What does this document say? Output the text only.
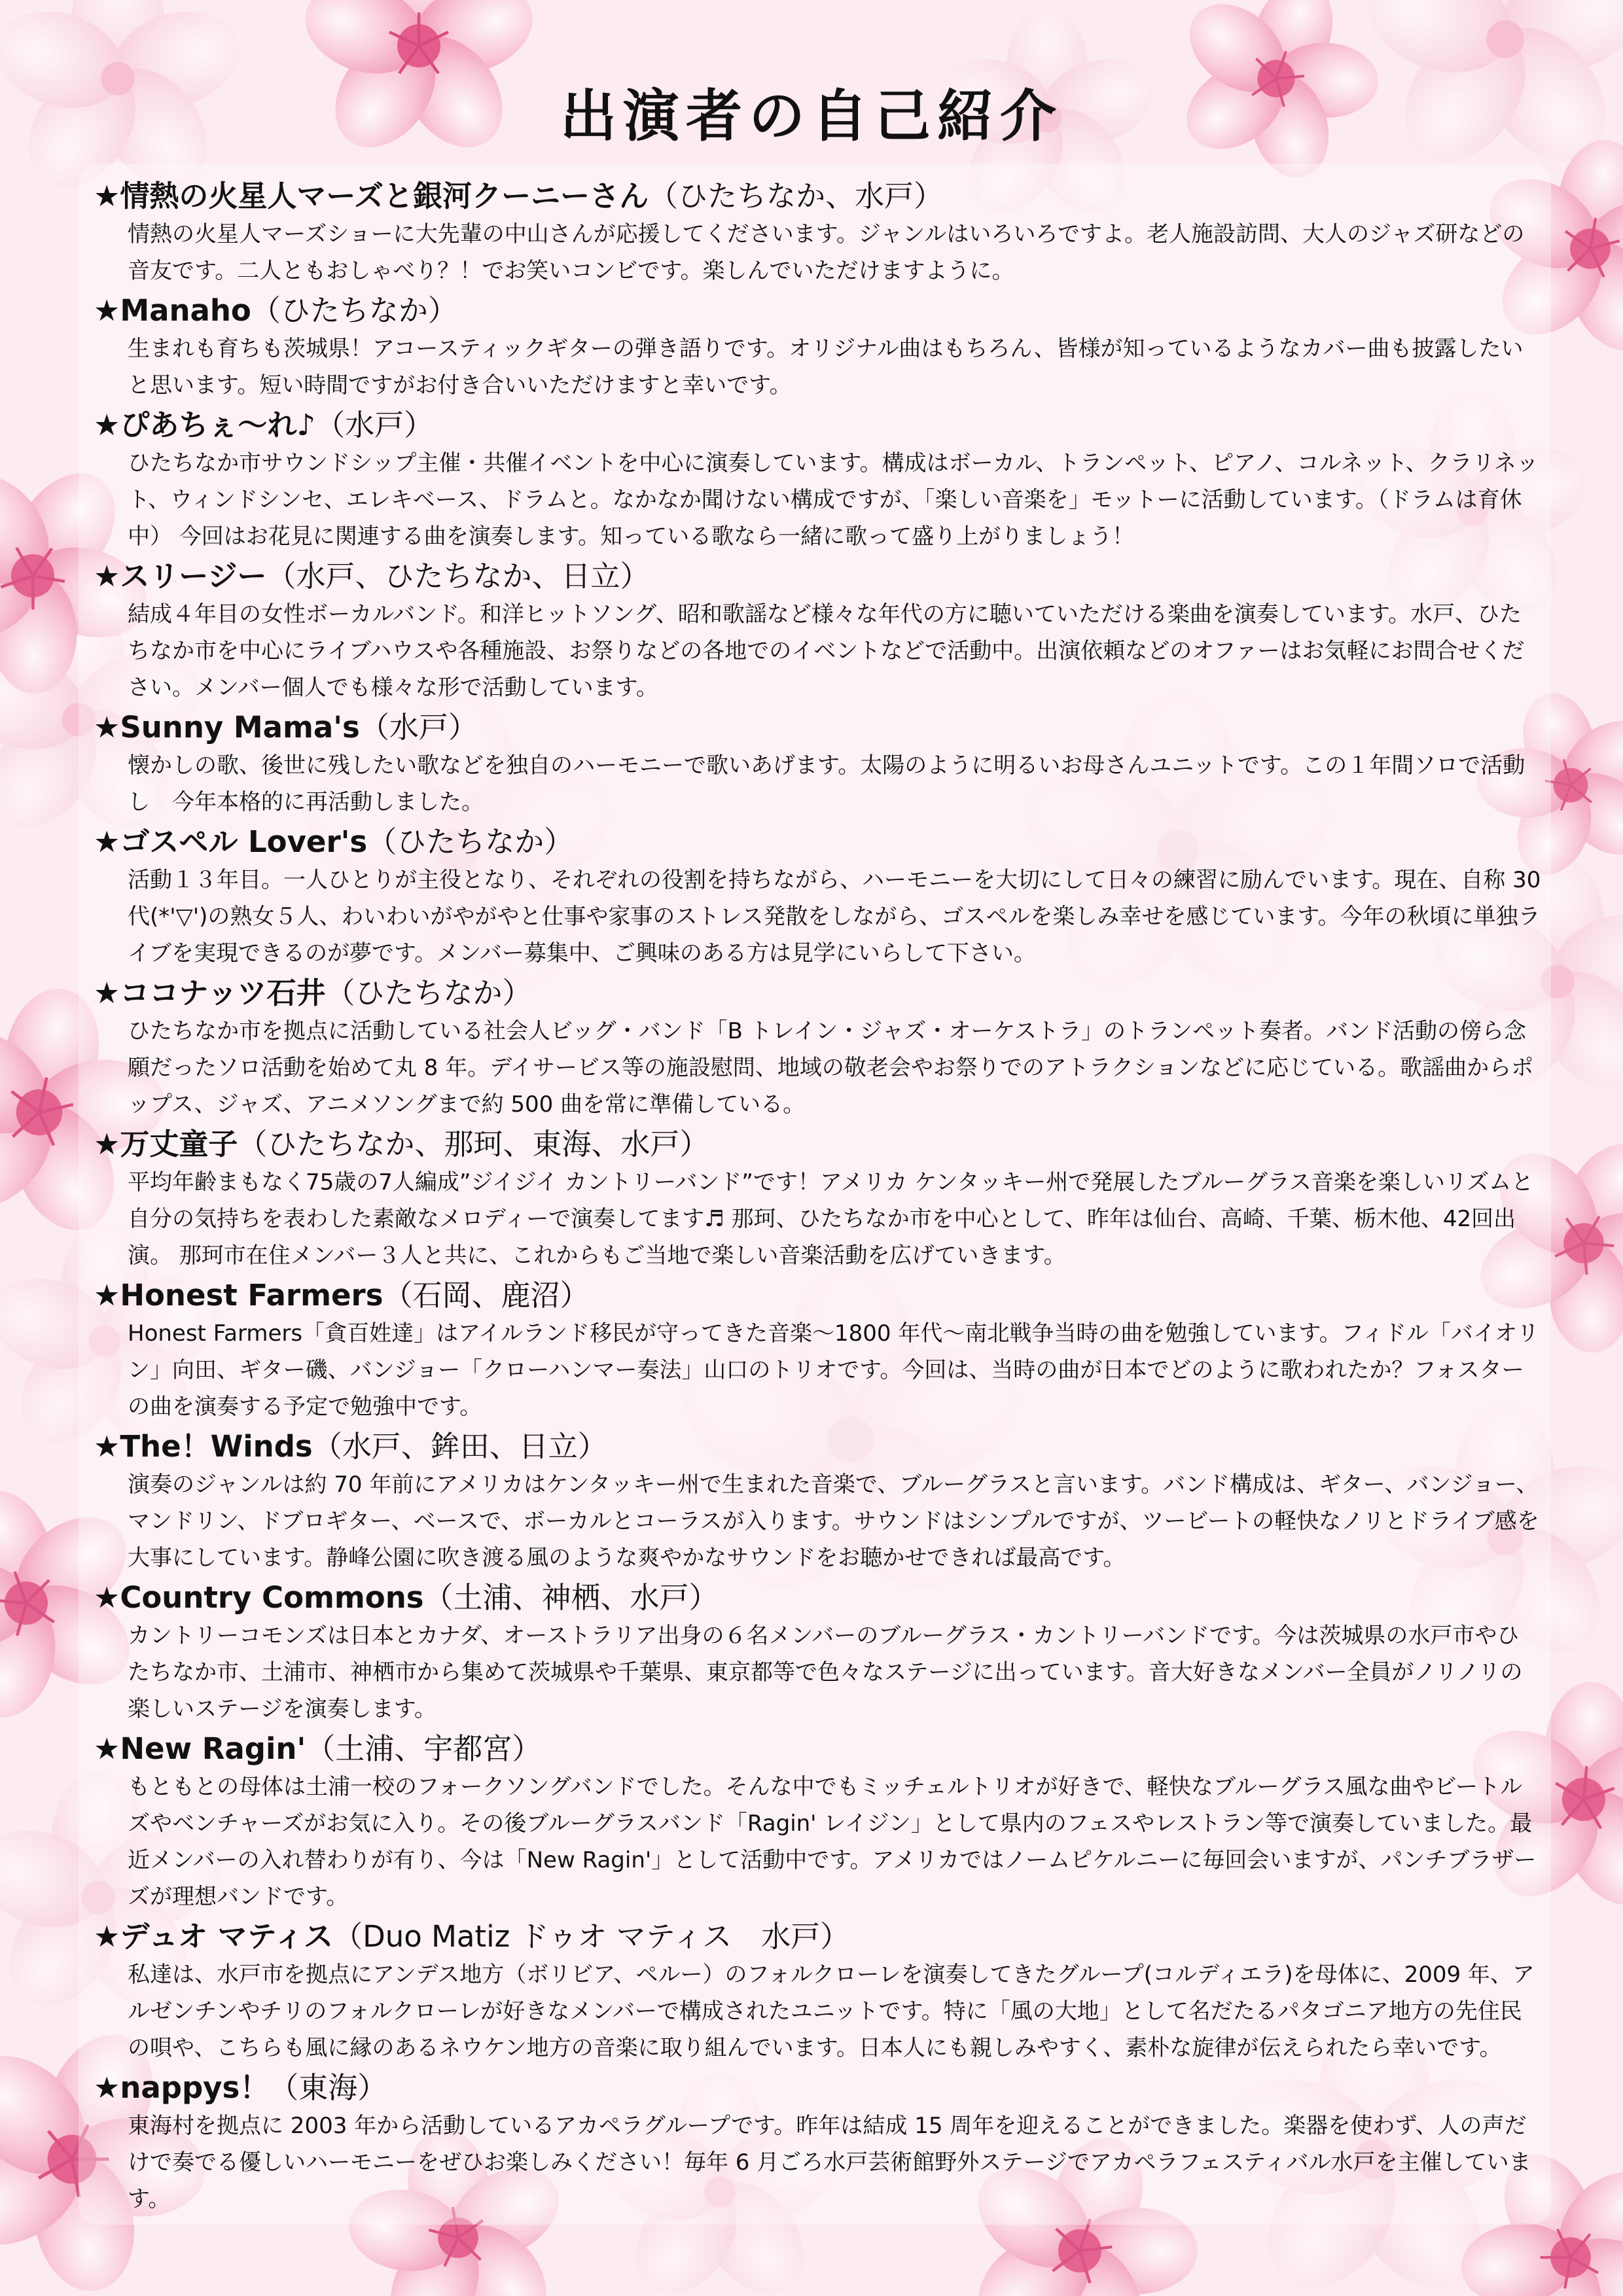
出演者の自己紹介
★情熱の火星人マーズと銀河クーニーさん（ひたちなか、水戸）
情熱の火星人マーズショーに大先輩の中山さんが応援してくださいます。ジャンルはいろいろですよ。老人施設訪問、大人のジャズ研などの音友です。二人ともおしゃべり？！でお笑いコンビです。楽しんでいただけますように。
★Manaho（ひたちなか）
生まれも育ちも茨城県！アコースティックギターの弾き語りです。オリジナル曲はもちろん、皆様が知っているようなカバー曲も披露したいと思います。短い時間ですがお付き合いいただけますと幸いです。
★ぴあちぇ～れ♪（水戸）
ひたちなか市サウンドシップ主催・共催イベントを中心に演奏しています。構成はボーカル、トランペット、ピアノ、コルネット、クラリネット、ウィンドシンセ、エレキベース、ドラムと。なかなか聞けない構成ですが、「楽しい音楽を」モットーに活動しています。（ドラムは育休中） 今回はお花見に関連する曲を演奏します。知っている歌なら一緒に歌って盛り上がりましょう！
★スリージー（水戸、ひたちなか、日立）
結成４年目の女性ボーカルバンド。和洋ヒットソング、昭和歌謡など様々な年代の方に聴いていただける楽曲を演奏しています。水戸、ひたちなか市を中心にライブハウスや各種施設、お祭りなどの各地でのイベントなどで活動中。出演依頼などのオファーはお気軽にお問合せください。メンバー個人でも様々な形で活動しています。
★Sunny Mama's（水戸）
懐かしの歌、後世に残したい歌などを独自のハーモニーで歌いあげます。太陽のように明るいお母さんユニットです。この１年間ソロで活動し　今年本格的に再活動しました。
★ゴスペル Lover's（ひたちなか）
活動１３年目。一人ひとりが主役となり、それぞれの役割を持ちながら、ハーモニーを大切にして日々の練習に励んでいます。現在、自称 30 代(*'▽')の熟女５人、わいわいがやがやと仕事や家事のストレス発散をしながら、ゴスペルを楽しみ幸せを感じています。今年の秋頃に単独ライブを実現できるのが夢です。メンバー募集中、ご興味のある方は見学にいらして下さい。
★ココナッツ石井（ひたちなか）
ひたちなか市を拠点に活動している社会人ビッグ・バンド「B トレイン・ジャズ・オーケストラ」のトランペット奏者。バンド活動の傍ら念願だったソロ活動を始めて丸 8 年。デイサービス等の施設慰問、地域の敬老会やお祭りでのアトラクションなどに応じている。歌謡曲からポップス、ジャズ、アニメソングまで約 500 曲を常に準備している。
★万丈童子（ひたちなか、那珂、東海、水戸）
平均年齢まもなく75歳の7人編成”ジイジイ カントリーバンド”です！アメリカ ケンタッキー州で発展したブルーグラス音楽を楽しいリズムと自分の気持ちを表わした素敵なメロディーで演奏してます♬ 那珂、ひたちなか市を中心として、昨年は仙台、高崎、千葉、栃木他、42回出演。 那珂市在住メンバー３人と共に、これからもご当地で楽しい音楽活動を広げていきます。
★Honest Farmers（石岡、鹿沼）
Honest Farmers「貪百姓達」はアイルランド移民が守ってきた音楽～1800 年代～南北戦争当時の曲を勉強しています。フィドル「バイオリン」向田、ギター磯、バンジョー「クローハンマー奏法」山口のトリオです。今回は、当時の曲が日本でどのように歌われたか？フォスターの曲を演奏する予定で勉強中です。
★The！Winds（水戸、鉾田、日立）
演奏のジャンルは約 70 年前にアメリカはケンタッキー州で生まれた音楽で、ブルーグラスと言います。バンド構成は、ギター、バンジョー、マンドリン、ドブロギター、ベースで、ボーカルとコーラスが入ります。サウンドはシンプルですが、ツービートの軽快なノリとドライブ感を大事にしています。静峰公園に吹き渡る風のような爽やかなサウンドをお聴かせできれば最高です。
★Country Commons（土浦、神栖、水戸）
カントリーコモンズは日本とカナダ、オーストラリア出身の６名メンバーのブルーグラス・カントリーバンドです。今は茨城県の水戸市やひたちなか市、土浦市、神栖市から集めて茨城県や千葉県、東京都等で色々なステージに出っています。音大好きなメンバー全員がノリノリの楽しいステージを演奏します。
★New Ragin'（土浦、宇都宮）
もともとの母体は土浦一校のフォークソングバンドでした。そんな中でもミッチェルトリオが好きで、軽快なブルーグラス風な曲やビートルズやベンチャーズがお気に入り。その後ブルーグラスバンド「Ragin' レイジン」として県内のフェスやレストラン等で演奏していました。最近メンバーの入れ替わりが有り、今は「New Ragin'」として活動中です。アメリカではノームピケルニーに毎回会いますが、パンチブラザーズが理想バンドです。
★デュオ マティス（Duo Matiz ドゥオ マティス　水戸）
私達は、水戸市を拠点にアンデス地方（ボリビア、ペルー）のフォルクローレを演奏してきたグループ(コルディエラ)を母体に、2009 年、アルゼンチンやチリのフォルクローレが好きなメンバーで構成されたユニットです。特に「風の大地」として名だたるパタゴニア地方の先住民の唄や、こちらも風に縁のあるネウケン地方の音楽に取り組んでいます。日本人にも親しみやすく、素朴な旋律が伝えられたら幸いです。
★nappys！（東海）
東海村を拠点に 2003 年から活動しているアカペラグループです。昨年は結成 15 周年を迎えることができました。楽器を使わず、人の声だけで奏でる優しいハーモニーをぜひお楽しみください！毎年 6 月ごろ水戸芸術館野外ステージでアカペラフェスティバル水戸を主催しています。
